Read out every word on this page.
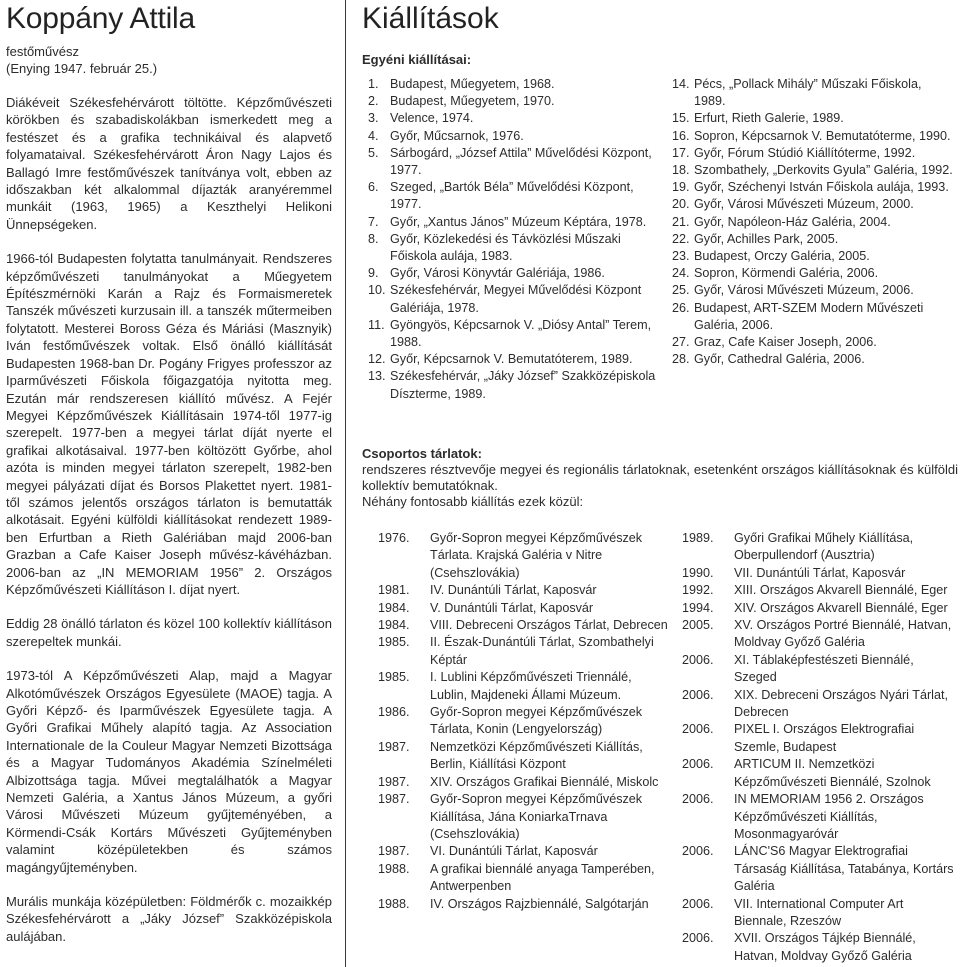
Koppány Attila
festőművész
(Enying 1947. február 25.)

Diákéveit Székesfehérvárott töltötte. Képzőművészeti körökben és szabadiskolákban ismerkedett meg a festészet és a grafika technikáival és alapvető folyamataival. Székesfehérvárott Áron Nagy Lajos és Ballagó Imre festőművészek tanítványa volt, ebben az időszakban két alkalommal díjazták aranyéremmel munkáit (1963, 1965) a Keszthelyi Helikoni Ünnepségeken.

1966-tól Budapesten folytatta tanulmányait. Rendszeres képzőművészeti tanulmányokat a Műegyetem Építészmérnöki Karán a Rajz és Formaismeretek Tanszék művészeti kurzusain ill. a tanszék műtermeiben folytatott. Mesterei Boross Géza és Máriási (Masznyik) Iván festőművészek voltak. Első önálló kiállítását Budapesten 1968-ban Dr. Pogány Frigyes professzor az Iparművészeti Főiskola főigazgatója nyitotta meg. Ezután már rendszeresen kiállító művész. A Fejér Megyei Képzőművészek Kiállításain 1974-től 1977-ig szerepelt. 1977-ben a megyei tárlat díját nyerte el grafikai alkotásaival. 1977-ben költözött Győrbe, ahol azóta is minden megyei tárlaton szerepelt, 1982-ben megyei pályázati díjat és Borsos Plakettet nyert. 1981-től számos jelentős országos tárlaton is bemutatták alkotásait. Egyéni külföldi kiállításokat rendezett 1989-ben Erfurtban a Rieth Galériában majd 2006-ban Grazban a Cafe Kaiser Joseph művész-kávéházban. 2006-ban az „IN MEMORIAM 1956” 2. Országos Képzőművészeti Kiállításon I. díjat nyert.

Eddig 28 önálló tárlaton és közel 100 kollektív kiállításon szerepeltek munkái.

1973-tól A Képzőművészeti Alap, majd a Magyar Alkotóművészek Országos Egyesülete (MAOE) tagja. A Győri Képző- és Iparművészek Egyesülete tagja. A Győri Grafikai Műhely alapító tagja. Az Association Internationale de la Couleur Magyar Nemzeti Bizottsága és a Magyar Tudományos Akadémia Színelméleti Albizottsága tagja. Művei megtalálhatók a Magyar Nemzeti Galéria, a Xantus János Múzeum, a győri Városi Művészeti Múzeum gyűjteményében, a Körmendi-Csák Kortárs Művészeti Gyűjteményben valamint középületekben és számos magángyűjteményben.

Murális munkája középületben: Földmérők c. mozaikkép Székesfehérvárott a „Jáky József” Szakközépiskola aulájában.

Kiállítások
Egyéni kiállításai:
1. Budapest, Műegyetem, 1968.
2. Budapest, Műegyetem, 1970.
3. Velence, 1974.
4. Győr, Műcsarnok, 1976.
5. Sárbogárd, „József Attila” Művelődési Központ, 1977.
6. Szeged, „Bartók Béla” Művelődési Központ, 1977.
7. Győr, „Xantus János” Múzeum Képtára, 1978.
8. Győr, Közlekedési és Távközlési Műszaki Főiskola aulája, 1983.
9. Győr, Városi Könyvtár Galériája, 1986.
10. Székesfehérvár, Megyei Művelődési Központ Galériája, 1978.
11. Gyöngyös, Képcsarnok V. „Diósy Antal” Terem, 1988.
12. Győr, Képcsarnok V. Bemutatóterem, 1989.
13. Székesfehérvár, „Jáky József” Szakközépiskola Díszterme, 1989.
14. Pécs, „Pollack Mihály” Műszaki Főiskola, 1989.
15. Erfurt, Rieth Galerie, 1989.
16. Sopron, Képcsarnok V. Bemutatóterme, 1990.
17. Győr, Fórum Stúdió Kiállítóterme, 1992.
18. Szombathely, „Derkovits Gyula” Galéria, 1992.
19. Győr, Széchenyi István Főiskola aulája, 1993.
20. Győr, Városi Művészeti Múzeum, 2000.
21. Győr, Napóleon-Ház Galéria, 2004.
22. Győr, Achilles Park, 2005.
23. Budapest, Orczy Galéria, 2005.
24. Sopron, Körmendi Galéria, 2006.
25. Győr, Városi Művészeti Múzeum, 2006.
26. Budapest, ART-SZEM Modern Művészeti Galéria, 2006.
27. Graz, Cafe Kaiser Joseph, 2006.
28. Győr, Cathedral Galéria, 2006.
Csoportos tárlatok:

rendszeres résztvevője megyei és regionális tárlatoknak, esetenként országos kiállításoknak és külföldi kollektív bemutatóknak.

Néhány fontosabb kiállítás ezek közül:

1976.	Győr-Sopron megyei Képzőművészek Tárlata. Krajská Galéria v Nitre (Csehszlovákia)
1981.	IV. Dunántúli Tárlat, Kaposvár
1984.	V. Dunántúli Tárlat, Kaposvár
1984.	VIII. Debreceni Országos Tárlat, Debrecen
1985.	II. Észak-Dunántúli Tárlat, Szombathelyi Képtár
1985.	I. Lublini Képzőművészeti Triennálé, Lublin, Majdeneki Állami Múzeum.
1986.	Győr-Sopron megyei Képzőművészek Tárlata, Konin (Lengyelország)
1987.	Nemzetközi Képzőművészeti Kiállítás, Berlin, Kiállítási Központ
1987.	XIV. Országos Grafikai Biennálé, Miskolc
1987.	Győr-Sopron megyei Képzőművészek Kiállítása, Jána KoniarkaTrnava (Csehszlovákia)
1987.	VI. Dunántúli Tárlat, Kaposvár
1988.	A grafikai biennálé anyaga Tamperében, Antwerpenben
1988.	IV. Országos Rajzbiennálé, Salgótarján
1989.	Győri Grafikai Műhely Kiállítása, Oberpullendorf (Ausztria)
1990.	VII. Dunántúli Tárlat, Kaposvár
1992.	XIII. Országos Akvarell Biennálé, Eger
1994.	XIV. Országos Akvarell Biennálé, Eger
2005.	XV. Országos Portré Biennálé, Hatvan, Moldvay Győző Galéria
2006.	XI. Táblaképfestészeti Biennálé, Szeged
2006.	XIX. Debreceni Országos Nyári Tárlat, Debrecen
2006.	PIXEL I. Országos Elektrografiai Szemle, Budapest
2006.	ARTICUM II. Nemzetközi Képzőművészeti Biennálé, Szolnok
2006.	IN MEMORIAM 1956 2. Országos Képzőművészeti Kiállítás, Mosonmagyaróvár
2006.	LÁNC'S6 Magyar Elektrografiai Társaság Kiállítása, Tatabánya, Kortárs Galéria
2006.	VII. International Computer Art Biennale, Rzeszów
2006.	XVII. Országos Tájkép Biennálé, Hatvan, Moldvay Győző Galéria
